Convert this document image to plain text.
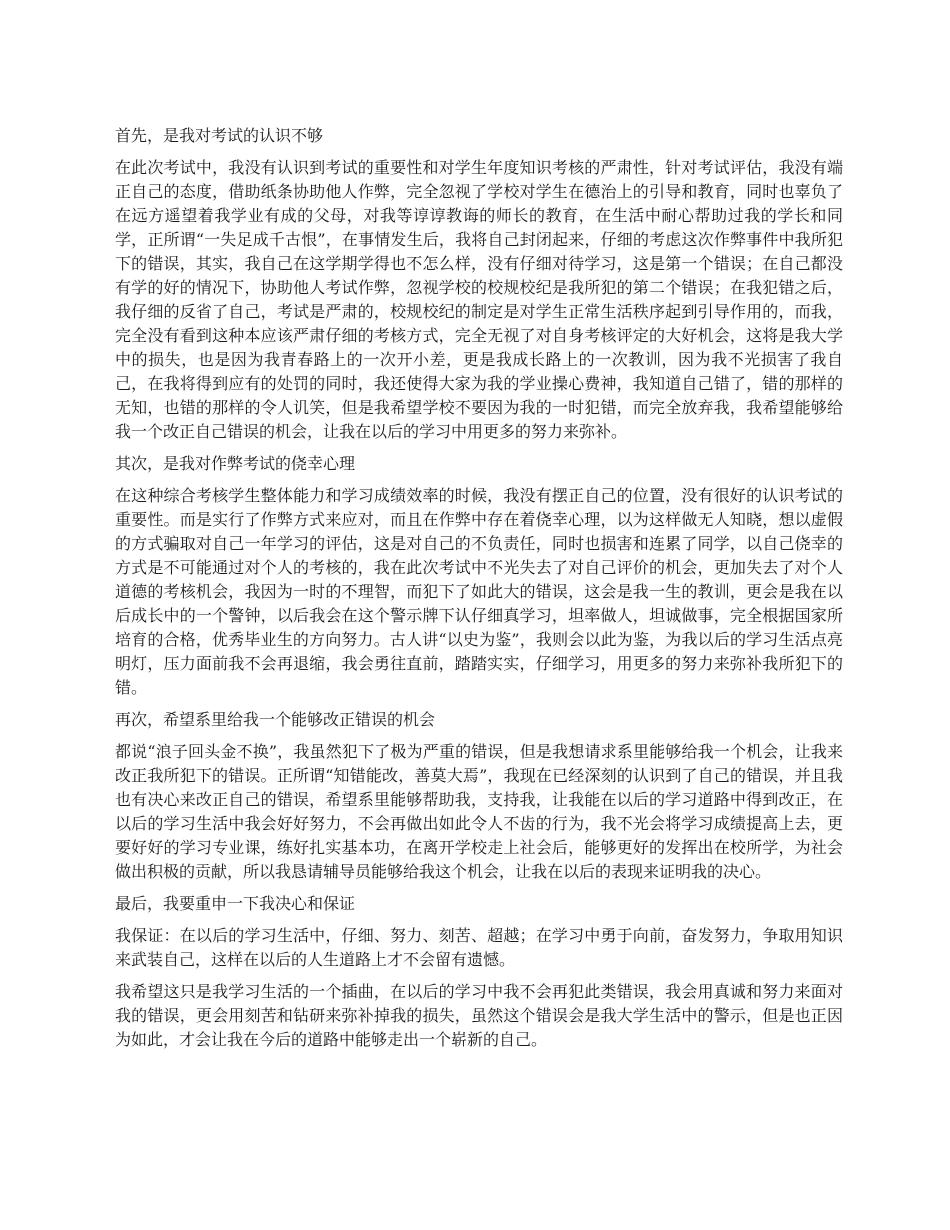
首先，是我对考试的认识不够

在此次考试中，我没有认识到考试的重要性和对学生年度知识考核的严肃性，针对考试评估，我没有端正自己的态度，借助纸条协助他人作弊，完全忽视了学校对学生在德治上的引导和教育，同时也辜负了在远方遥望着我学业有成的父母，对我等谆谆教诲的师长的教育，在生活中耐心帮助过我的学长和同学，正所谓“一失足成千古恨”，在事情发生后，我将自己封闭起来，仔细的考虑这次作弊事件中我所犯下的错误，其实，我自己在这学期学得也不怎么样，没有仔细对待学习，这是第一个错误；在自己都没有学的好的情况下，协助他人考试作弊，忽视学校的校规校纪是我所犯的第二个错误；在我犯错之后，我仔细的反省了自己，考试是严肃的，校规校纪的制定是对学生正常生活秩序起到引导作用的，而我，完全没有看到这种本应该严肃仔细的考核方式，完全无视了对自身考核评定的大好机会，这将是我大学中的损失，也是因为我青春路上的一次开小差，更是我成长路上的一次教训，因为我不光损害了我自己，在我将得到应有的处罚的同时，我还使得大家为我的学业操心费神，我知道自己错了，错的那样的无知，也错的那样的令人讥笑，但是我希望学校不要因为我的一时犯错，而完全放弃我，我希望能够给我一个改正自己错误的机会，让我在以后的学习中用更多的努力来弥补。

其次，是我对作弊考试的侥幸心理

在这种综合考核学生整体能力和学习成绩效率的时候，我没有摆正自己的位置，没有很好的认识考试的重要性。而是实行了作弊方式来应对，而且在作弊中存在着侥幸心理，以为这样做无人知晓，想以虚假的方式骗取对自己一年学习的评估，这是对自己的不负责任，同时也损害和连累了同学，以自己侥幸的方式是不可能通过对个人的考核的，我在此次考试中不光失去了对自己评价的机会，更加失去了对个人道德的考核机会，我因为一时的不理智，而犯下了如此大的错误，这会是我一生的教训，更会是我在以后成长中的一个警钟，以后我会在这个警示牌下认仔细真学习，坦率做人，坦诚做事，完全根据国家所培育的合格，优秀毕业生的方向努力。古人讲“以史为鉴”，我则会以此为鉴，为我以后的学习生活点亮明灯，压力面前我不会再退缩，我会勇往直前，踏踏实实，仔细学习，用更多的努力来弥补我所犯下的错。

再次，希望系里给我一个能够改正错误的机会

都说“浪子回头金不换”，我虽然犯下了极为严重的错误，但是我想请求系里能够给我一个机会，让我来改正我所犯下的错误。正所谓“知错能改，善莫大焉”，我现在已经深刻的认识到了自己的错误，并且我也有决心来改正自己的错误，希望系里能够帮助我，支持我，让我能在以后的学习道路中得到改正，在以后的学习生活中我会好好努力，不会再做出如此令人不齿的行为，我不光会将学习成绩提高上去，更要好好的学习专业课，练好扎实基本功，在离开学校走上社会后，能够更好的发挥出在校所学，为社会做出积极的贡献，所以我恳请辅导员能够给我这个机会，让我在以后的表现来证明我的决心。

最后，我要重申一下我决心和保证

我保证：在以后的学习生活中，仔细、努力、刻苦、超越；在学习中勇于向前，奋发努力，争取用知识来武装自己，这样在以后的人生道路上才不会留有遗憾。

我希望这只是我学习生活的一个插曲，在以后的学习中我不会再犯此类错误，我会用真诚和努力来面对我的错误，更会用刻苦和钻研来弥补掉我的损失，虽然这个错误会是我大学生活中的警示，但是也正因为如此，才会让我在今后的道路中能够走出一个崭新的自己。
